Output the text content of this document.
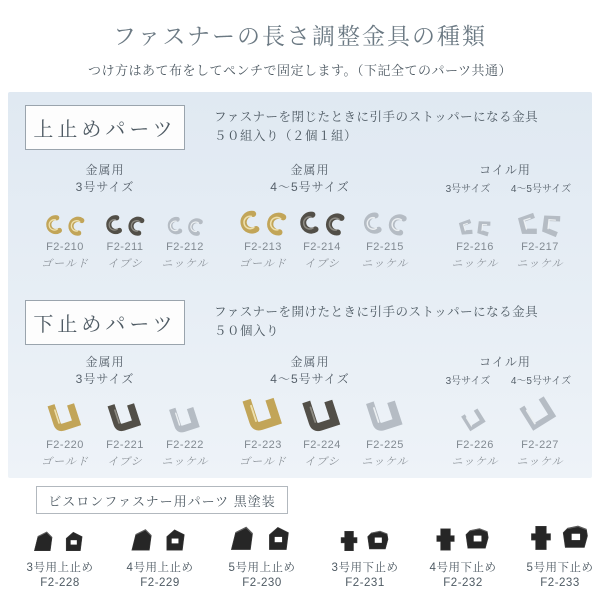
ファスナーの長さ調整金具の種類
つけ方はあて布をしてペンチで固定します。（下記全てのパーツ共通）
上止めパーツ
ファスナーを閉じたときに引手のストッパーになる金具
５０組入り（２個１組）
金属用
3号サイズ
金属用
4～5号サイズ
コイル用
3号サイズ 4～5号サイズ
F2-210
ゴールド
F2-211
イブシ
F2-212
ニッケル
F2-213
ゴールド
F2-214
イブシ
F2-215
ニッケル
F2-216
ニッケル
F2-217
ニッケル
下止めパーツ
ファスナーを開けたときに引手のストッパーになる金具
５０個入り
金属用
3号サイズ
金属用
4～5号サイズ
コイル用
3号サイズ 4～5号サイズ
F2-220
ゴールド
F2-221
イブシ
F2-222
ニッケル
F2-223
ゴールド
F2-224
イブシ
F2-225
ニッケル
F2-226
ニッケル
F2-227
ニッケル
ビスロンファスナー用パーツ 黒塗装
3号用上止め
F2-228
4号用上止め
F2-229
5号用上止め
F2-230
3号用下止め
F2-231
4号用下止め
F2-232
5号用下止め
F2-233
